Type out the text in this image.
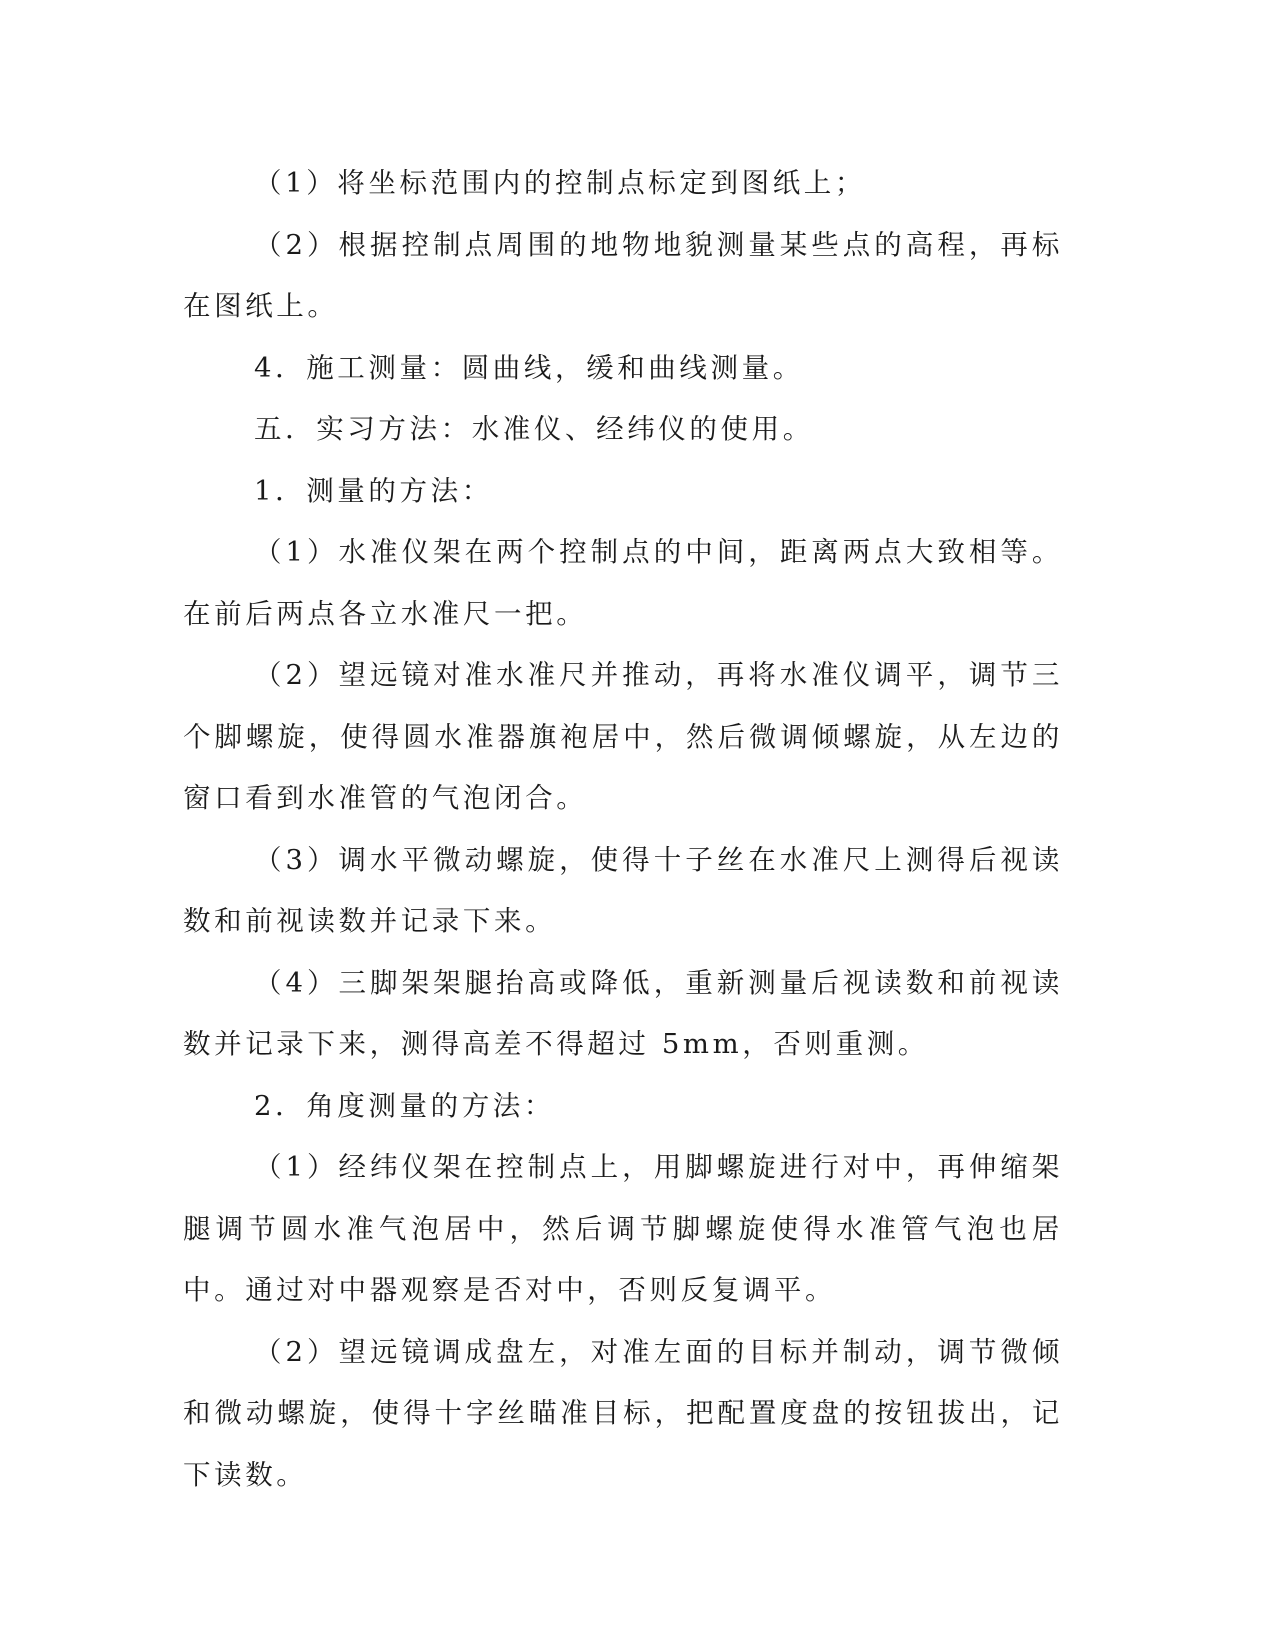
（1）将坐标范围内的控制点标定到图纸上；

（2）根据控制点周围的地物地貌测量某些点的高程，再标在图纸上。

4．施工测量：圆曲线，缓和曲线测量。

五．实习方法：水准仪、经纬仪的使用。

1．测量的方法：

（1）水准仪架在两个控制点的中间，距离两点大致相等。在前后两点各立水准尺一把。

（2）望远镜对准水准尺并推动，再将水准仪调平，调节三个脚螺旋，使得圆水准器旗袍居中，然后微调倾螺旋，从左边的窗口看到水准管的气泡闭合。

（3）调水平微动螺旋，使得十子丝在水准尺上测得后视读数和前视读数并记录下来。

（4）三脚架架腿抬高或降低，重新测量后视读数和前视读数并记录下来，测得高差不得超过 5mm，否则重测。

2．角度测量的方法：

（1）经纬仪架在控制点上，用脚螺旋进行对中，再伸缩架腿调节圆水准气泡居中，然后调节脚螺旋使得水准管气泡也居中。通过对中器观察是否对中，否则反复调平。

（2）望远镜调成盘左，对准左面的目标并制动，调节微倾和微动螺旋，使得十字丝瞄准目标，把配置度盘的按钮拔出，记下读数。
